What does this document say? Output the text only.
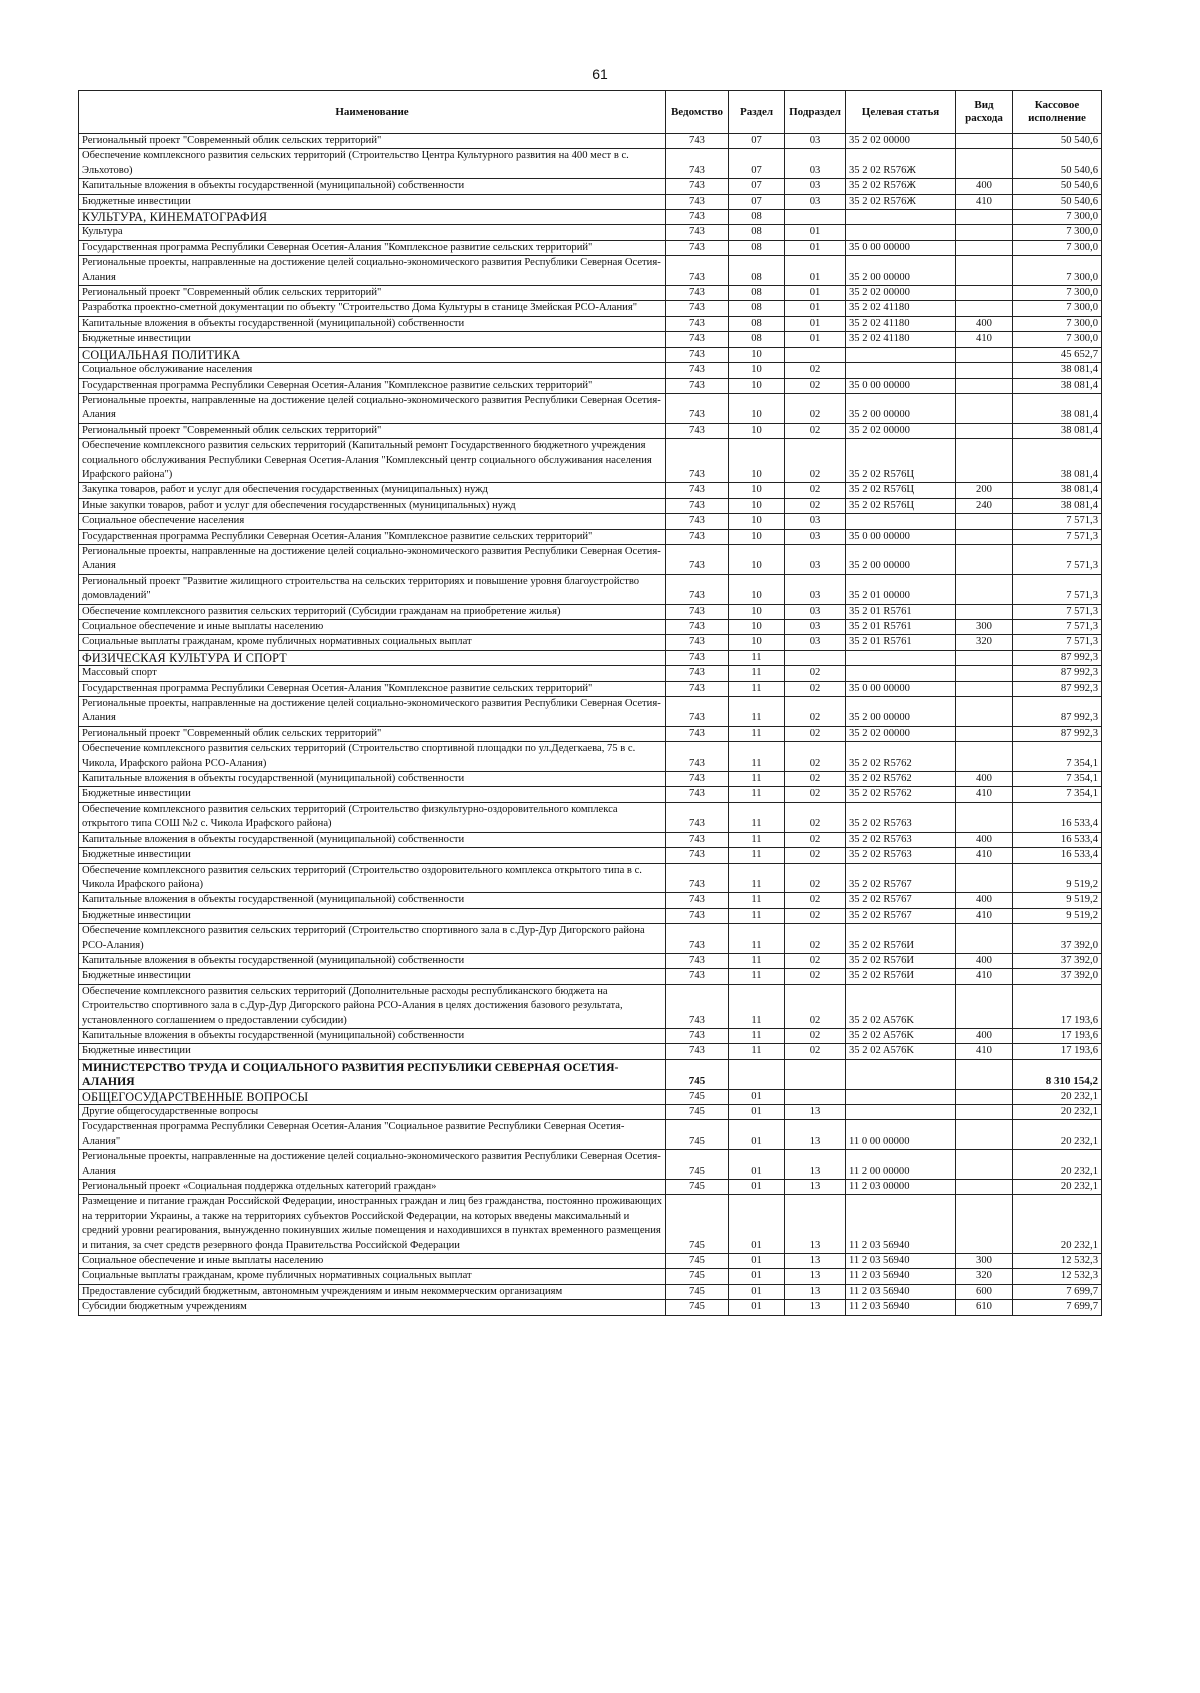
61
Наименование	Ведомство	Раздел	Подраздел	Целевая статья	Вид расхода	Кассовое исполнение
Региональный проект "Современный облик сельских территорий"	743	07	03	35 2 02 00000		50 540,6
Обеспечение комплексного развития сельских территорий (Строительство Центра Культурного развития на 400 мест в с. Эльхотово)	743	07	03	35 2 02 R576Ж		50 540,6
Капитальные вложения в объекты государственной (муниципальной) собственности	743	07	03	35 2 02 R576Ж	400	50 540,6
Бюджетные инвестиции	743	07	03	35 2 02 R576Ж	410	50 540,6
КУЛЬТУРА, КИНЕМАТОГРАФИЯ	743	08				7 300,0
Культура	743	08	01			7 300,0
Государственная программа Республики Северная Осетия-Алания "Комплексное развитие сельских территорий"	743	08	01	35 0 00 00000		7 300,0
Региональные проекты, направленные на достижение целей социально-экономического развития Республики Северная Осетия-Алания	743	08	01	35 2 00 00000		7 300,0
Региональный проект "Современный облик сельских территорий"	743	08	01	35 2 02 00000		7 300,0
Разработка проектно-сметной документации по объекту "Строительство Дома Культуры в станице Змейская РСО-Алания"	743	08	01	35 2 02 41180		7 300,0
Капитальные вложения в объекты государственной (муниципальной) собственности	743	08	01	35 2 02 41180	400	7 300,0
Бюджетные инвестиции	743	08	01	35 2 02 41180	410	7 300,0
СОЦИАЛЬНАЯ ПОЛИТИКА	743	10				45 652,7
Социальное обслуживание населения	743	10	02			38 081,4
Государственная программа Республики Северная Осетия-Алания "Комплексное развитие сельских территорий"	743	10	02	35 0 00 00000		38 081,4
Региональные проекты, направленные на достижение целей социально-экономического развития Республики Северная Осетия-Алания	743	10	02	35 2 00 00000		38 081,4
Региональный проект "Современный облик сельских территорий"	743	10	02	35 2 02 00000		38 081,4
Обеспечение комплексного развития сельских территорий (Капитальный ремонт Государственного бюджетного учреждения социального обслуживания Республики Северная Осетия-Алания "Комплексный центр социального обслуживания населения Ирафского района")	743	10	02	35 2 02 R576Ц		38 081,4
Закупка товаров, работ и услуг для обеспечения государственных (муниципальных) нужд	743	10	02	35 2 02 R576Ц	200	38 081,4
Иные закупки товаров, работ и услуг для обеспечения государственных (муниципальных) нужд	743	10	02	35 2 02 R576Ц	240	38 081,4
Социальное обеспечение населения	743	10	03			7 571,3
Государственная программа Республики Северная Осетия-Алания "Комплексное развитие сельских территорий"	743	10	03	35 0 00 00000		7 571,3
Региональные проекты, направленные на достижение целей социально-экономического развития Республики Северная Осетия-Алания	743	10	03	35 2 00 00000		7 571,3
Региональный проект "Развитие жилищного строительства на сельских территориях и повышение уровня благоустройство домовладений"	743	10	03	35 2 01 00000		7 571,3
Обеспечение комплексного развития сельских территорий (Субсидии гражданам на приобретение жилья)	743	10	03	35 2 01 R5761		7 571,3
Социальное обеспечение и иные выплаты населению	743	10	03	35 2 01 R5761	300	7 571,3
Социальные выплаты гражданам, кроме публичных нормативных социальных выплат	743	10	03	35 2 01 R5761	320	7 571,3
ФИЗИЧЕСКАЯ КУЛЬТУРА И СПОРТ	743	11				87 992,3
Массовый спорт	743	11	02			87 992,3
Государственная программа Республики Северная Осетия-Алания "Комплексное развитие сельских территорий"	743	11	02	35 0 00 00000		87 992,3
Региональные проекты, направленные на достижение целей социально-экономического развития Республики Северная Осетия-Алания	743	11	02	35 2 00 00000		87 992,3
Региональный проект "Современный облик сельских территорий"	743	11	02	35 2 02 00000		87 992,3
Обеспечение комплексного развития сельских территорий (Строительство спортивной площадки по ул.Дедегкаева, 75 в с. Чикола, Ирафского района РСО-Алания)	743	11	02	35 2 02 R5762		7 354,1
Капитальные вложения в объекты государственной (муниципальной) собственности	743	11	02	35 2 02 R5762	400	7 354,1
Бюджетные инвестиции	743	11	02	35 2 02 R5762	410	7 354,1
Обеспечение комплексного развития сельских территорий (Строительство физкультурно-оздоровительного комплекса открытого типа СОШ №2 с. Чикола Ирафского района)	743	11	02	35 2 02 R5763		16 533,4
Капитальные вложения в объекты государственной (муниципальной) собственности	743	11	02	35 2 02 R5763	400	16 533,4
Бюджетные инвестиции	743	11	02	35 2 02 R5763	410	16 533,4
Обеспечение комплексного развития сельских территорий (Строительство оздоровительного комплекса открытого типа в с. Чикола Ирафского района)	743	11	02	35 2 02 R5767		9 519,2
Капитальные вложения в объекты государственной (муниципальной) собственности	743	11	02	35 2 02 R5767	400	9 519,2
Бюджетные инвестиции	743	11	02	35 2 02 R5767	410	9 519,2
Обеспечение комплексного развития сельских территорий (Строительство спортивного зала в с.Дур-Дур Дигорского района РСО-Алания)	743	11	02	35 2 02 R576И		37 392,0
Капитальные вложения в объекты государственной (муниципальной) собственности	743	11	02	35 2 02 R576И	400	37 392,0
Бюджетные инвестиции	743	11	02	35 2 02 R576И	410	37 392,0
Обеспечение комплексного развития сельских территорий (Дополнительные расходы республиканского бюджета на Строительство спортивного зала в с.Дур-Дур Дигорского района РСО-Алания в целях достижения базового результата, установленного соглашением о предоставлении субсидии)	743	11	02	35 2 02 A576K		17 193,6
Капитальные вложения в объекты государственной (муниципальной) собственности	743	11	02	35 2 02 A576K	400	17 193,6
Бюджетные инвестиции	743	11	02	35 2 02 A576K	410	17 193,6
МИНИСТЕРСТВО ТРУДА И СОЦИАЛЬНОГО РАЗВИТИЯ РЕСПУБЛИКИ СЕВЕРНАЯ ОСЕТИЯ-АЛАНИЯ	745					8 310 154,2
ОБЩЕГОСУДАРСТВЕННЫЕ ВОПРОСЫ	745	01				20 232,1
Другие общегосударственные вопросы	745	01	13			20 232,1
Государственная программа Республики Северная Осетия-Алания "Социальное развитие Республики Северная Осетия-Алания"	745	01	13	11 0 00 00000		20 232,1
Региональные проекты, направленные на достижение целей социально-экономического развития Республики Северная Осетия-Алания	745	01	13	11 2 00 00000		20 232,1
Региональный проект «Социальная поддержка отдельных категорий граждан»	745	01	13	11 2 03 00000		20 232,1
Размещение и питание граждан Российской Федерации, иностранных граждан и лиц без гражданства, постоянно проживающих на территории Украины, а также на территориях субъектов Российской Федерации, на которых введены максимальный и средний уровни реагирования, вынужденно покинувших жилые помещения и находившихся в пунктах временного размещения и питания, за счет средств резервного фонда Правительства Российской Федерации	745	01	13	11 2 03 56940		20 232,1
Социальное обеспечение и иные выплаты населению	745	01	13	11 2 03 56940	300	12 532,3
Социальные выплаты гражданам, кроме публичных нормативных социальных выплат	745	01	13	11 2 03 56940	320	12 532,3
Предоставление субсидий бюджетным, автономным учреждениям и иным некоммерческим организациям	745	01	13	11 2 03 56940	600	7 699,7
Субсидии бюджетным учреждениям	745	01	13	11 2 03 56940	610	7 699,7
